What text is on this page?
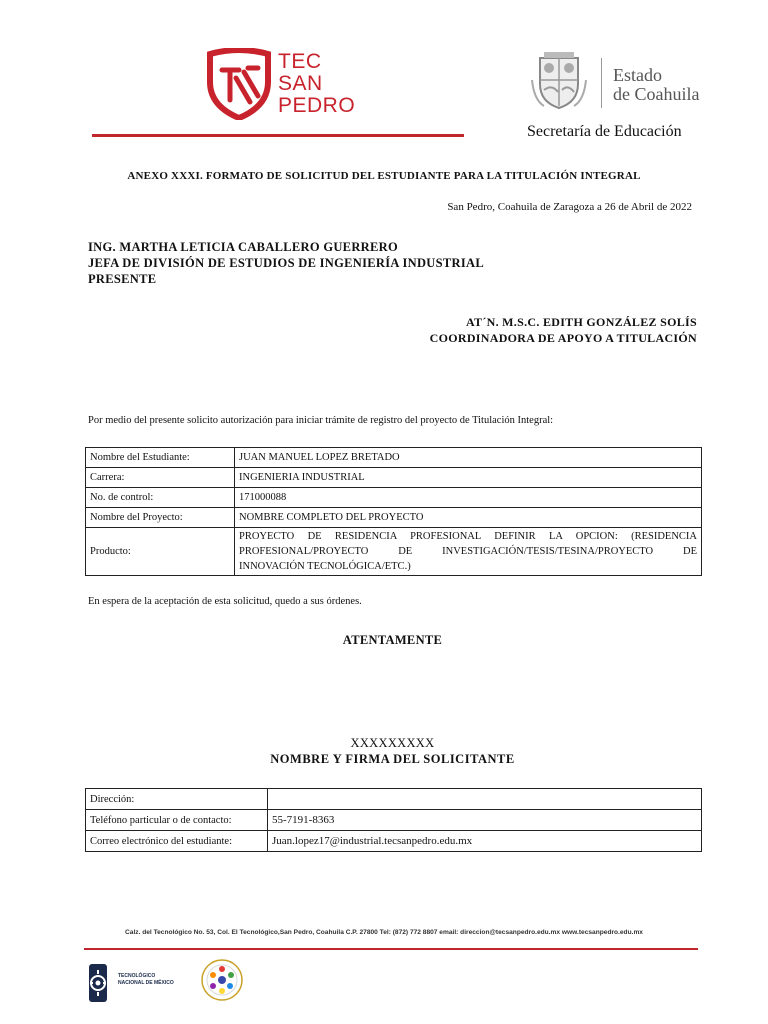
TEC
SAN
PEDRO
Estado
de Coahuila
Secretaría de Educación
ANEXO XXXI. FORMATO DE SOLICITUD DEL ESTUDIANTE PARA LA TITULACIÓN INTEGRAL
San Pedro, Coahuila de Zaragoza a 26 de Abril de 2022
ING. MARTHA LETICIA CABALLERO GUERRERO
JEFA DE DIVISIÓN DE ESTUDIOS DE INGENIERÍA INDUSTRIAL
PRESENTE
AT´N. M.S.C. EDITH GONZÁLEZ SOLÍS
COORDINADORA DE APOYO A TITULACIÓN
Por medio del presente solicito autorización para iniciar trámite de registro del proyecto de Titulación Integral:
Nombre del Estudiante:	JUAN MANUEL LOPEZ BRETADO
Carrera:	INGENIERIA INDUSTRIAL
No. de control:	171000088
Nombre del Proyecto:	NOMBRE COMPLETO DEL PROYECTO
Producto:	PROYECTO DE RESIDENCIA PROFESIONAL DEFINIR LA OPCION: (RESIDENCIA
PROFESIONAL/PROYECTO DE INVESTIGACIÓN/TESIS/TESINA/PROYECTO DE
INNOVACIÓN TECNOLÓGICA/ETC.)
En espera de la aceptación de esta solicitud, quedo a sus órdenes.
ATENTAMENTE
XXXXXXXXX
NOMBRE Y FIRMA DEL SOLICITANTE
Dirección:	
Teléfono particular o de contacto:	55-7191-8363
Correo electrónico del estudiante:	Juan.lopez17@industrial.tecsanpedro.edu.mx
Calz. del Tecnológico No. 53, Col. El Tecnológico,San Pedro, Coahuila C.P. 27800 Tel: (872) 772 8807 email: direccion@tecsanpedro.edu.mx www.tecsanpedro.edu.mx
TECNOLÓGICO
NACIONAL DE MÉXICO
